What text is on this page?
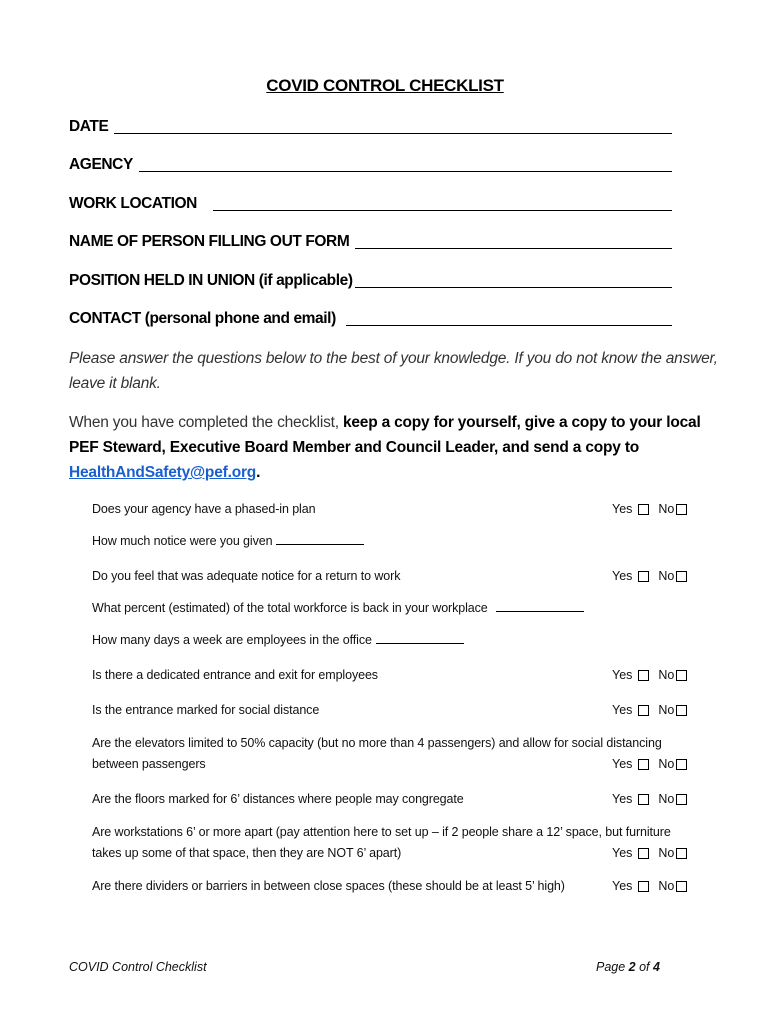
COVID CONTROL CHECKLIST
DATE
AGENCY
WORK LOCATION
NAME OF PERSON FILLING OUT FORM
POSITION HELD IN UNION (if applicable)
CONTACT (personal phone and email)
Please answer the questions below to the best of your knowledge. If you do not know the answer, leave it blank.
When you have completed the checklist, keep a copy for yourself, give a copy to your local PEF Steward, Executive Board Member and Council Leader, and send a copy to
HealthAndSafety@pef.org.
Does your agency have a phased-in plan	Yes No
How much notice were you given
Do you feel that was adequate notice for a return to work	Yes No
What percent (estimated) of the total workforce is back in your workplace
How many days a week are employees in the office
Is there a dedicated entrance and exit for employees	Yes No
Is the entrance marked for social distance	Yes No
Are the elevators limited to 50% capacity (but no more than 4 passengers) and allow for social distancing
between passengers	Yes No
Are the floors marked for 6’ distances where people may congregate	Yes No
Are workstations 6’ or more apart (pay attention here to set up – if 2 people share a 12’ space, but furniture
takes up some of that space, then they are NOT 6’ apart)	Yes No
Are there dividers or barriers in between close spaces (these should be at least 5’ high)	Yes No
COVID Control Checklist	Page 2 of 4
